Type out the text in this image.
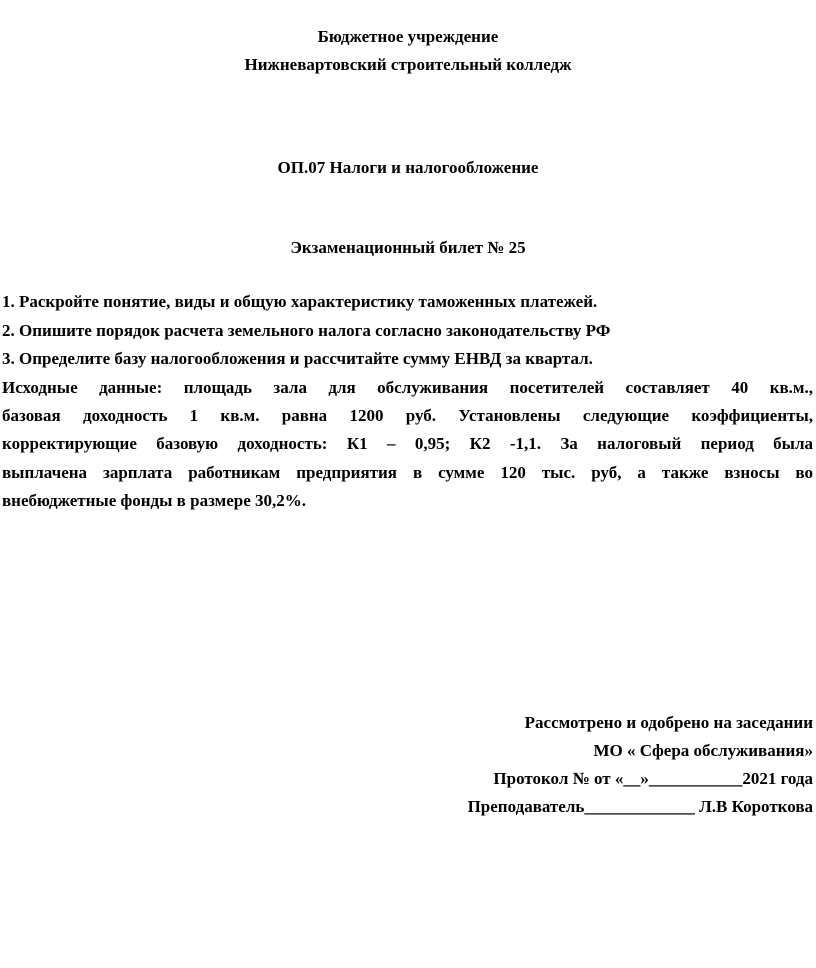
Бюджетное учреждение
Нижневартовский строительный колледж
ОП.07 Налоги и налогообложение
Экзаменационный билет № 25
1. Раскройте понятие, виды и общую характеристику таможенных платежей.
2. Опишите порядок расчета земельного налога согласно законодательству РФ
3. Определите базу налогообложения и рассчитайте сумму ЕНВД за квартал.
Исходные данные: площадь зала для обслуживания посетителей составляет 40 кв.м.,
базовая доходность 1 кв.м. равна 1200 руб. Установлены следующие коэффициенты,
корректирующие базовую доходность: К1 – 0,95; К2 -1,1. За налоговый период была
выплачена зарплата работникам предприятия в сумме 120 тыс. руб, а также взносы во
внебюджетные фонды в размере 30,2%.
Рассмотрено и одобрено на заседании
МО « Сфера обслуживания»
Протокол № от «__»___________2021 года
Преподаватель_____________ Л.В Короткова
